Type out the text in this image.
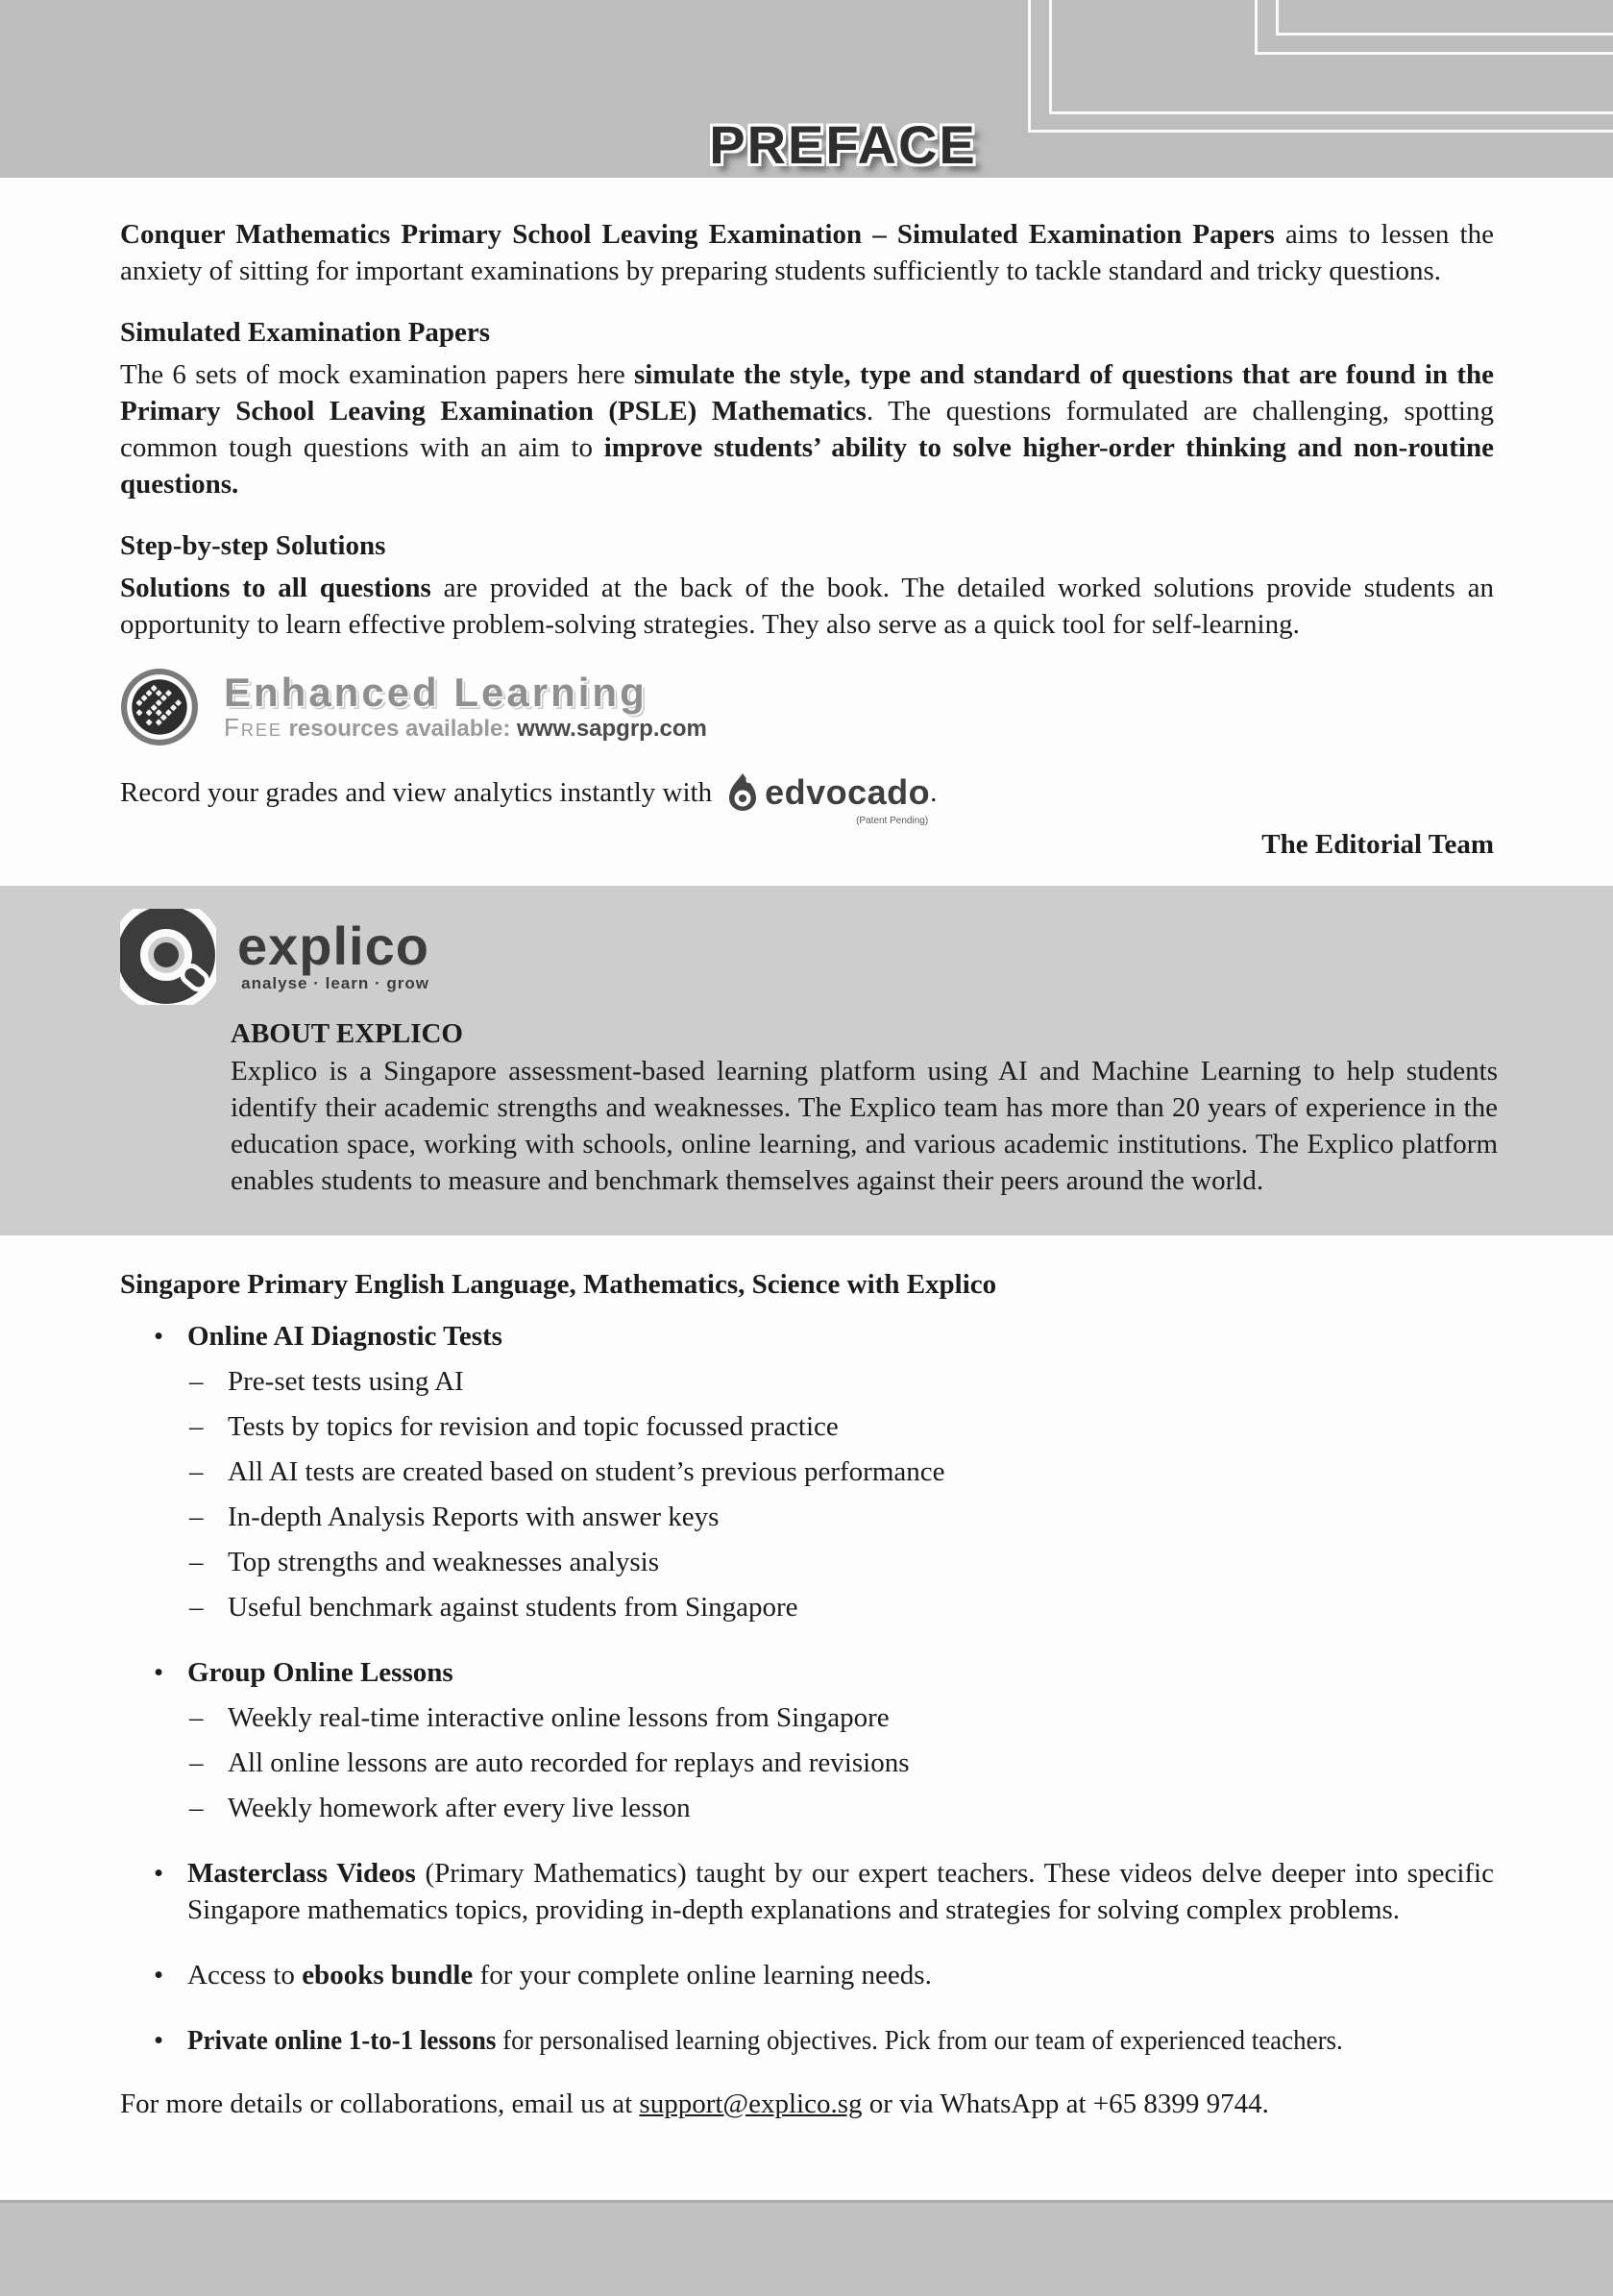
PREFACE

Conquer Mathematics Primary School Leaving Examination – Simulated Examination Papers aims to lessen the anxiety of sitting for important examinations by preparing students sufficiently to tackle standard and tricky questions.

Simulated Examination Papers

The 6 sets of mock examination papers here simulate the style, type and standard of questions that are found in the Primary School Leaving Examination (PSLE) Mathematics. The questions formulated are challenging, spotting common tough questions with an aim to improve students’ ability to solve higher-order thinking and non-routine questions.

Step-by-step Solutions

Solutions to all questions are provided at the back of the book. The detailed worked solutions provide students an opportunity to learn effective problem-solving strategies. They also serve as a quick tool for self-learning.

Enhanced Learning
Free resources available: www.sapgrp.com
Record your grades and view analytics instantly with edvocado
(Patent Pending)
.
The Editorial Team
explico
analyse · learn · grow
ABOUT EXPLICO
Explico is a Singapore assessment-based learning platform using AI and Machine Learning to help students identify their academic strengths and weaknesses. The Explico team has more than 20 years of experience in the education space, working with schools, online learning, and various academic institutions. The Explico platform enables students to measure and benchmark themselves against their peers around the world.
Singapore Primary English Language, Mathematics, Science with Explico
• Online AI Diagnostic Tests
– Pre-set tests using AI
– Tests by topics for revision and topic focussed practice
– All AI tests are created based on student’s previous performance
– In-depth Analysis Reports with answer keys
– Top strengths and weaknesses analysis
– Useful benchmark against students from Singapore
• Group Online Lessons
– Weekly real-time interactive online lessons from Singapore
– All online lessons are auto recorded for replays and revisions
– Weekly homework after every live lesson
• Masterclass Videos (Primary Mathematics) taught by our expert teachers. These videos delve deeper into specific Singapore mathematics topics, providing in-depth explanations and strategies for solving complex problems.
• Access to ebooks bundle for your complete online learning needs.
• Private online 1-to-1 lessons for personalised learning objectives. Pick from our team of experienced teachers.
For more details or collaborations, email us at support@explico.sg or via WhatsApp at +65 8399 9744.
